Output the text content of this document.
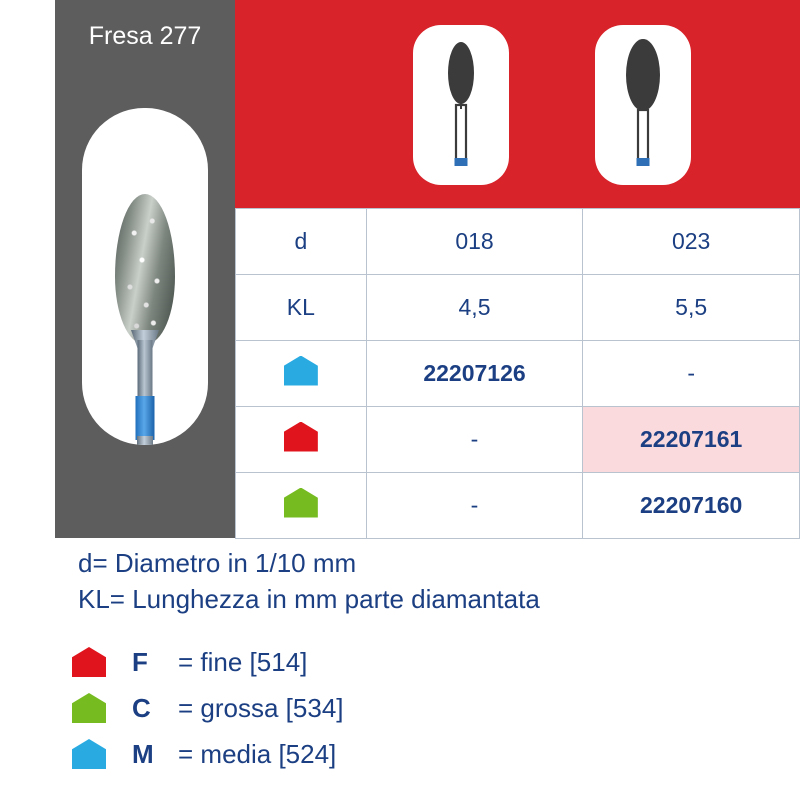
Fresa 277
d	018	023
KL	4,5	5,5
	22207126	-
	-	22207161
	-	22207160
d= Diametro in 1/10 mm
KL= Lunghezza in mm parte diamantata
F	= fine [514]
C	= grossa [534]
M = media [524]
